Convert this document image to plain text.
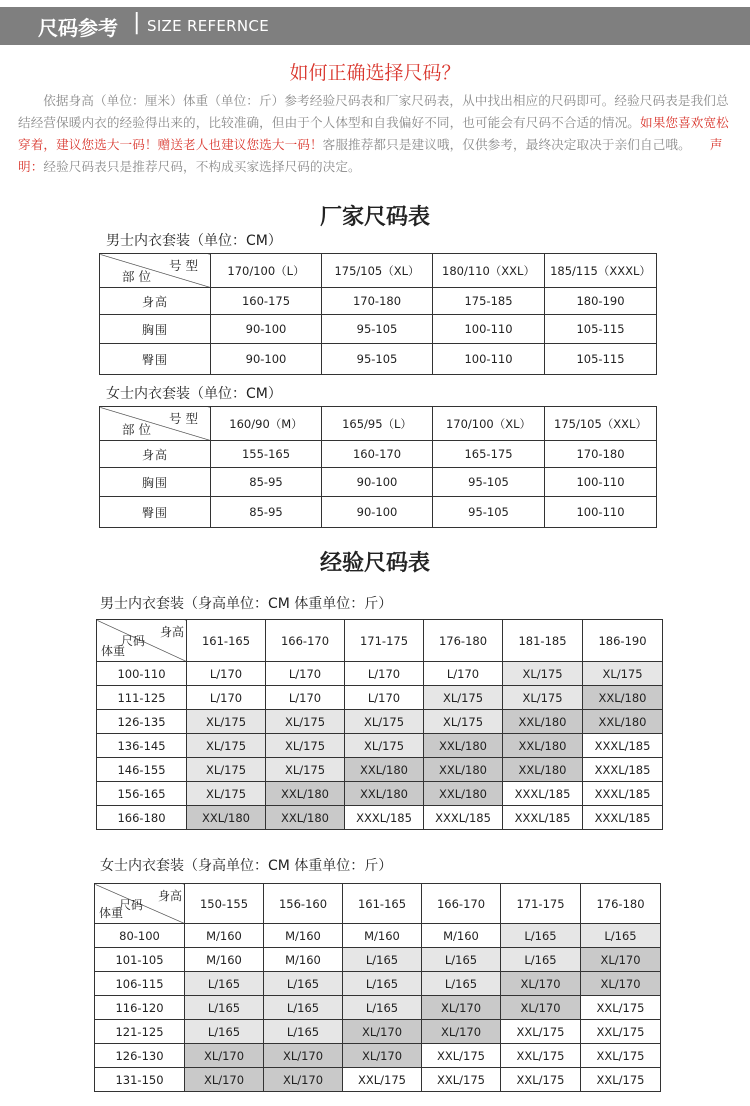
尺码参考 | SIZE REFERNCE
如何正确选择尺码？

依据身高（单位：厘米）体重（单位：斤）参考经验尺码表和厂家尺码表，从中找出相应的尺码即可。经验尺码表是我们总结经营保暖内衣的经验得出来的，比较准确，但由于个人体型和自我偏好不同，也可能会有尺码不合适的情况。如果您喜欢宽松穿着，建议您选大一码！赠送老人也建议您选大一码！客服推荐都只是建议哦，仅供参考，最终决定取决于亲们自己哦。　　 声明：经验尺码表只是推荐尺码，不构成买家选择尺码的决定。

厂家尺码表
男士内衣套装（单位：CM）
号型
部位	170/100（L）	175/105（XL）	180/110（XXL）	185/115（XXXL）
身高	160-175	170-180	175-185	180-190
胸围	90-100	95-105	100-110	105-115
臀围	90-100	95-105	100-110	105-115
女士内衣套装（单位：CM）
号型
部位	160/90（M）	165/95（L）	170/100（XL）	175/105（XXL）
身高	155-165	160-170	165-175	170-180
胸围	85-95	90-100	95-105	100-110
臀围	85-95	90-100	95-105	100-110
经验尺码表
男士内衣套装（身高单位：CM 体重单位：斤）
身高
尺码
体重	161-165	166-170	171-175	176-180	181-185	186-190
100-110	L/170	L/170	L/170	L/170	XL/175	XL/175
111-125	L/170	L/170	L/170	XL/175	XL/175	XXL/180
126-135	XL/175	XL/175	XL/175	XL/175	XXL/180	XXL/180
136-145	XL/175	XL/175	XL/175	XXL/180	XXL/180	XXXL/185
146-155	XL/175	XL/175	XXL/180	XXL/180	XXL/180	XXXL/185
156-165	XL/175	XXL/180	XXL/180	XXL/180	XXXL/185	XXXL/185
166-180	XXL/180	XXL/180	XXXL/185	XXXL/185	XXXL/185	XXXL/185
女士内衣套装（身高单位：CM 体重单位：斤）
身高
尺码
体重	150-155	156-160	161-165	166-170	171-175	176-180
80-100	M/160	M/160	M/160	M/160	L/165	L/165
101-105	M/160	M/160	L/165	L/165	L/165	XL/170
106-115	L/165	L/165	L/165	L/165	XL/170	XL/170
116-120	L/165	L/165	L/165	XL/170	XL/170	XXL/175
121-125	L/165	L/165	XL/170	XL/170	XXL/175	XXL/175
126-130	XL/170	XL/170	XL/170	XXL/175	XXL/175	XXL/175
131-150	XL/170	XL/170	XXL/175	XXL/175	XXL/175	XXL/175
